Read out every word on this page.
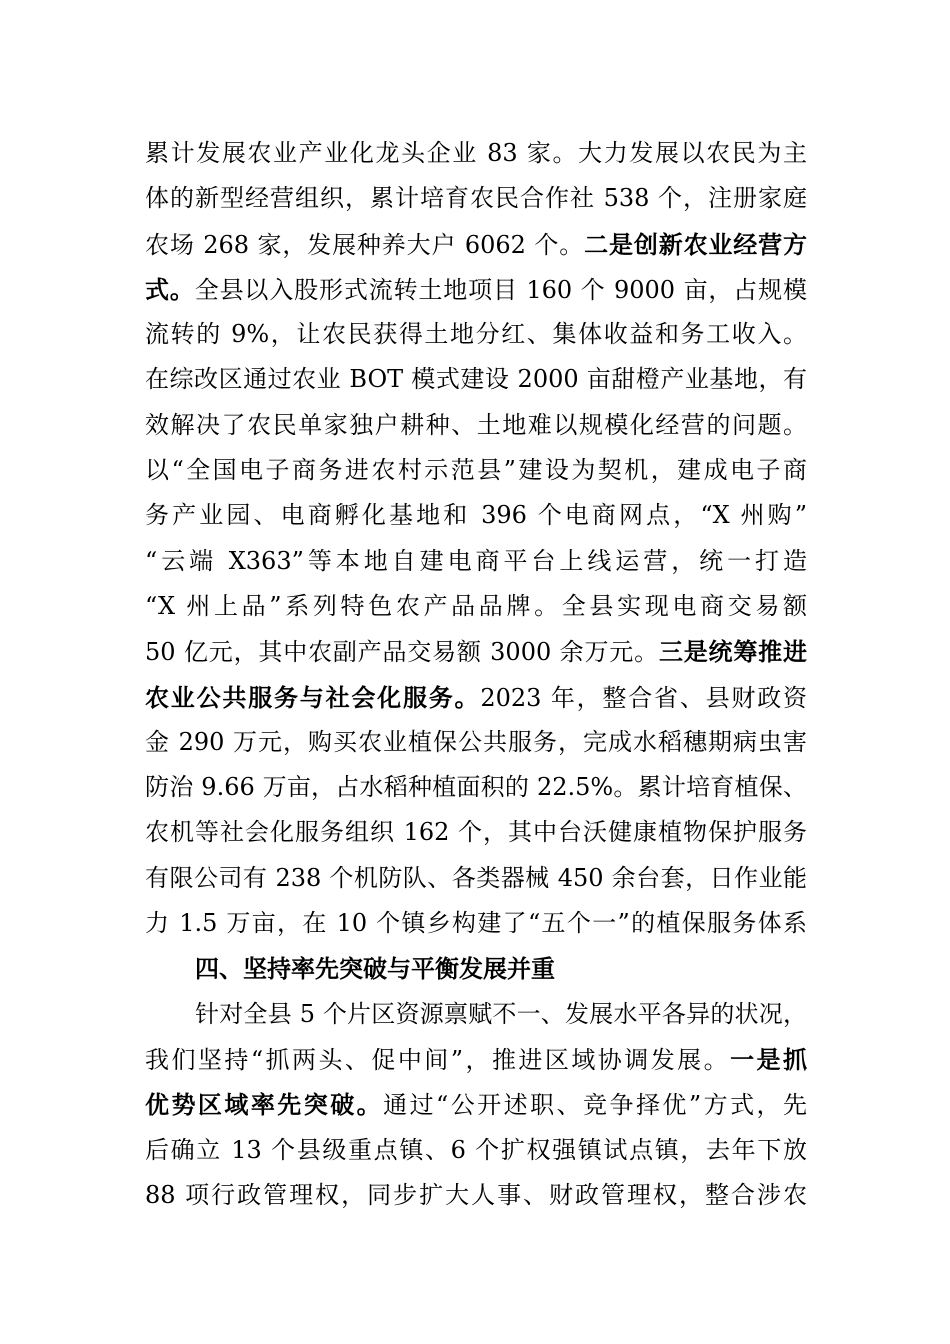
累计发展农业产业化龙头企业 83 家。大力发展以农民为主
体的新型经营组织，累计培育农民合作社 538 个，注册家庭
农场 268 家，发展种养大户 6062 个。二是创新农业经营方
式。全县以入股形式流转土地项目 160 个 9000 亩，占规模
流转的 9%，让农民获得土地分红、集体收益和务工收入。
在综改区通过农业 BOT 模式建设 2000 亩甜橙产业基地，有
效解决了农民单家独户耕种、土地难以规模化经营的问题。
以“全国电子商务进农村示范县”建设为契机，建成电子商
务产业园、电商孵化基地和 396 个电商网点，“X 州购”
“云端 X363”等本地自建电商平台上线运营，统一打造
“X 州上品”系列特色农产品品牌。全县实现电商交易额
50 亿元，其中农副产品交易额 3000 余万元。三是统筹推进
农业公共服务与社会化服务。2023 年，整合省、县财政资
金 290 万元，购买农业植保公共服务，完成水稻穗期病虫害
防治 9.66 万亩，占水稻种植面积的 22.5%。累计培育植保、
农机等社会化服务组织 162 个，其中台沃健康植物保护服务
有限公司有 238 个机防队、各类器械 450 余台套，日作业能
力 1.5 万亩，在 10 个镇乡构建了“五个一”的植保服务体系
四、坚持率先突破与平衡发展并重
针对全县 5 个片区资源禀赋不一、发展水平各异的状况，
我们坚持“抓两头、促中间”，推进区域协调发展。一是抓
优势区域率先突破。通过“公开述职、竞争择优”方式，先
后确立 13 个县级重点镇、6 个扩权强镇试点镇，去年下放
88 项行政管理权，同步扩大人事、财政管理权，整合涉农
